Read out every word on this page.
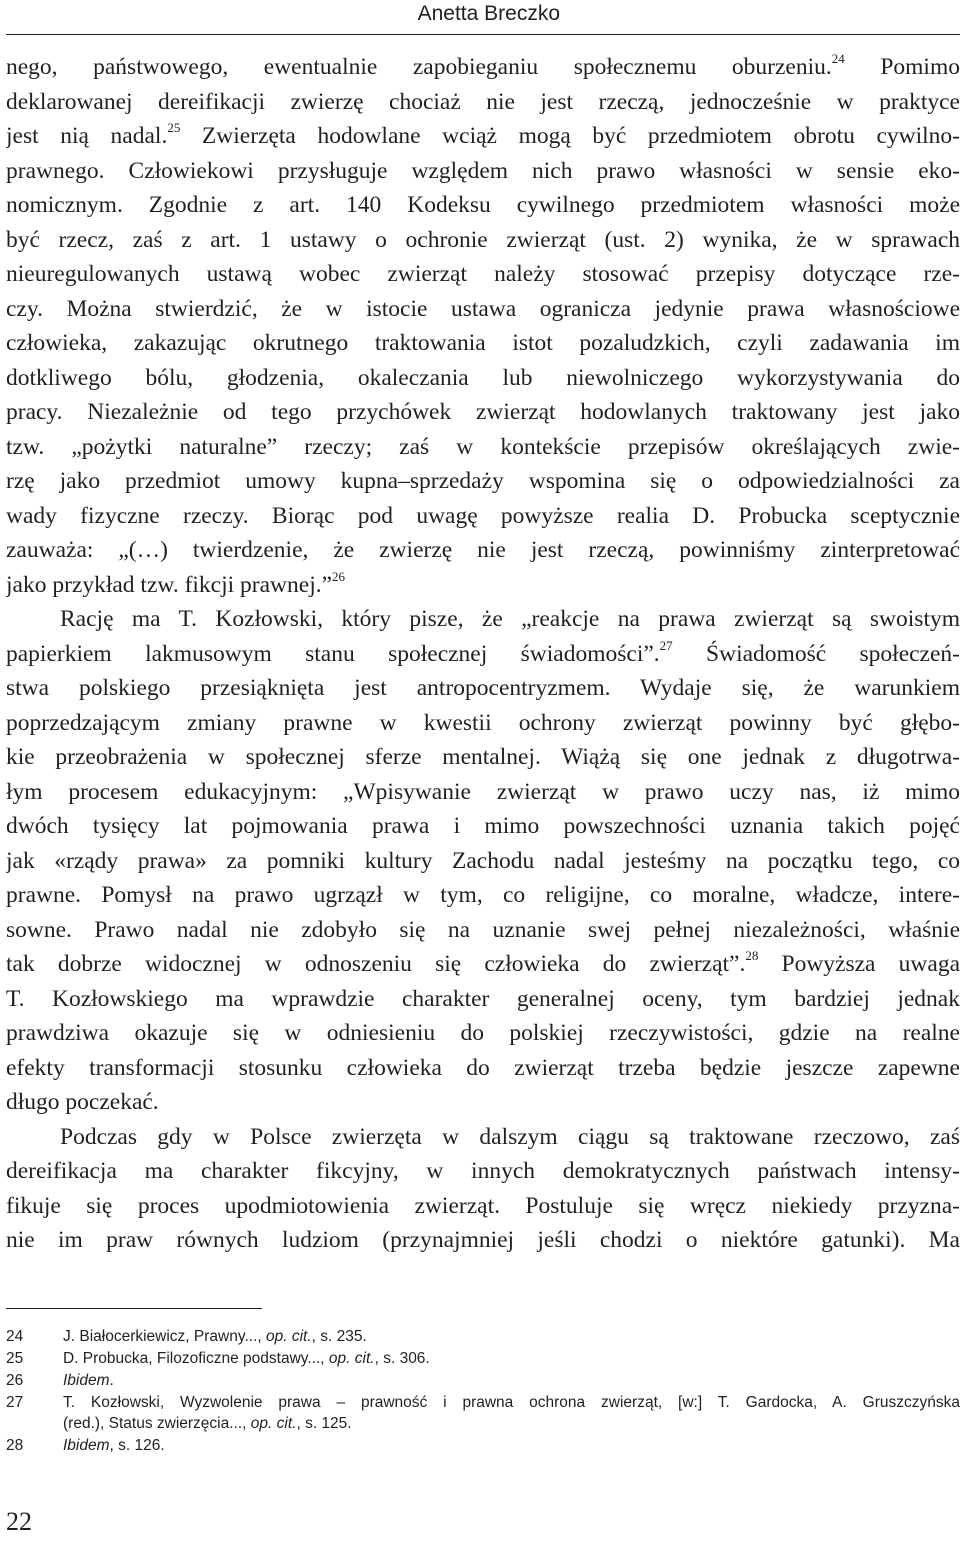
Anetta Breczko
nego, państwowego, ewentualnie zapobieganiu społecznemu oburzeniu.$^{24}$ Pomimo
deklarowanej dereifikacji zwierzę chociaż nie jest rzeczą, jednocześnie w praktyce
jest nią nadal.$^{25}$ Zwierzęta hodowlane wciąż mogą być przedmiotem obrotu cywilno-
prawnego. Człowiekowi przysługuje względem nich prawo własności w sensie eko-
nomicznym. Zgodnie z art. 140 Kodeksu cywilnego przedmiotem własności może
być rzecz, zaś z art. 1 ustawy o ochronie zwierząt (ust. 2) wynika, że w sprawach
nieuregulowanych ustawą wobec zwierząt należy stosować przepisy dotyczące rze-
czy. Można stwierdzić, że w istocie ustawa ogranicza jedynie prawa własnościowe
człowieka, zakazując okrutnego traktowania istot pozaludzkich, czyli zadawania im
dotkliwego bólu, głodzenia, okaleczania lub niewolniczego wykorzystywania do
pracy. Niezależnie od tego przychówek zwierząt hodowlanych traktowany jest jako
tzw. „pożytki naturalne” rzeczy; zaś w kontekście przepisów określających zwie-
rzę jako przedmiot umowy kupna–sprzedaży wspomina się o odpowiedzialności za
wady fizyczne rzeczy. Biorąc pod uwagę powyższe realia D. Probucka sceptycznie
zauważa: „(…) twierdzenie, że zwierzę nie jest rzeczą, powinniśmy zinterpretować
jako przykład tzw. fikcji prawnej.”$^{26}$
Rację ma T. Kozłowski, który pisze, że „reakcje na prawa zwierząt są swoistym
papierkiem lakmusowym stanu społecznej świadomości”.$^{27}$ Świadomość społeczeń-
stwa polskiego przesiąknięta jest antropocentryzmem. Wydaje się, że warunkiem
poprzedzającym zmiany prawne w kwestii ochrony zwierząt powinny być głębo-
kie przeobrażenia w społecznej sferze mentalnej. Wiążą się one jednak z długotrwa-
łym procesem edukacyjnym: „Wpisywanie zwierząt w prawo uczy nas, iż mimo
dwóch tysięcy lat pojmowania prawa i mimo powszechności uznania takich pojęć
jak «rządy prawa» za pomniki kultury Zachodu nadal jesteśmy na początku tego, co
prawne. Pomysł na prawo ugrzązł w tym, co religijne, co moralne, władcze, intere-
sowne. Prawo nadal nie zdobyło się na uznanie swej pełnej niezależności, właśnie
tak dobrze widocznej w odnoszeniu się człowieka do zwierząt”.$^{28}$ Powyższa uwaga
T. Kozłowskiego ma wprawdzie charakter generalnej oceny, tym bardziej jednak
prawdziwa okazuje się w odniesieniu do polskiej rzeczywistości, gdzie na realne
efekty transformacji stosunku człowieka do zwierząt trzeba będzie jeszcze zapewne
długo poczekać.
Podczas gdy w Polsce zwierzęta w dalszym ciągu są traktowane rzeczowo, zaś
dereifikacja ma charakter fikcyjny, w innych demokratycznych państwach intensy-
fikuje się proces upodmiotowienia zwierząt. Postuluje się wręcz niekiedy przyzna-
nie im praw równych ludziom (przynajmniej jeśli chodzi o niektóre gatunki). Ma
24	J. Białocerkiewicz, Prawny..., op. cit., s. 235.
25	D. Probucka, Filozoficzne podstawy..., op. cit., s. 306.
26	Ibidem.
27	T. Kozłowski, Wyzwolenie prawa – prawność i prawna ochrona zwierząt, [w:] T. Gardocka, A. Gruszczyńska
(red.), Status zwierzęcia..., op. cit., s. 125.
28	Ibidem, s. 126.
22
